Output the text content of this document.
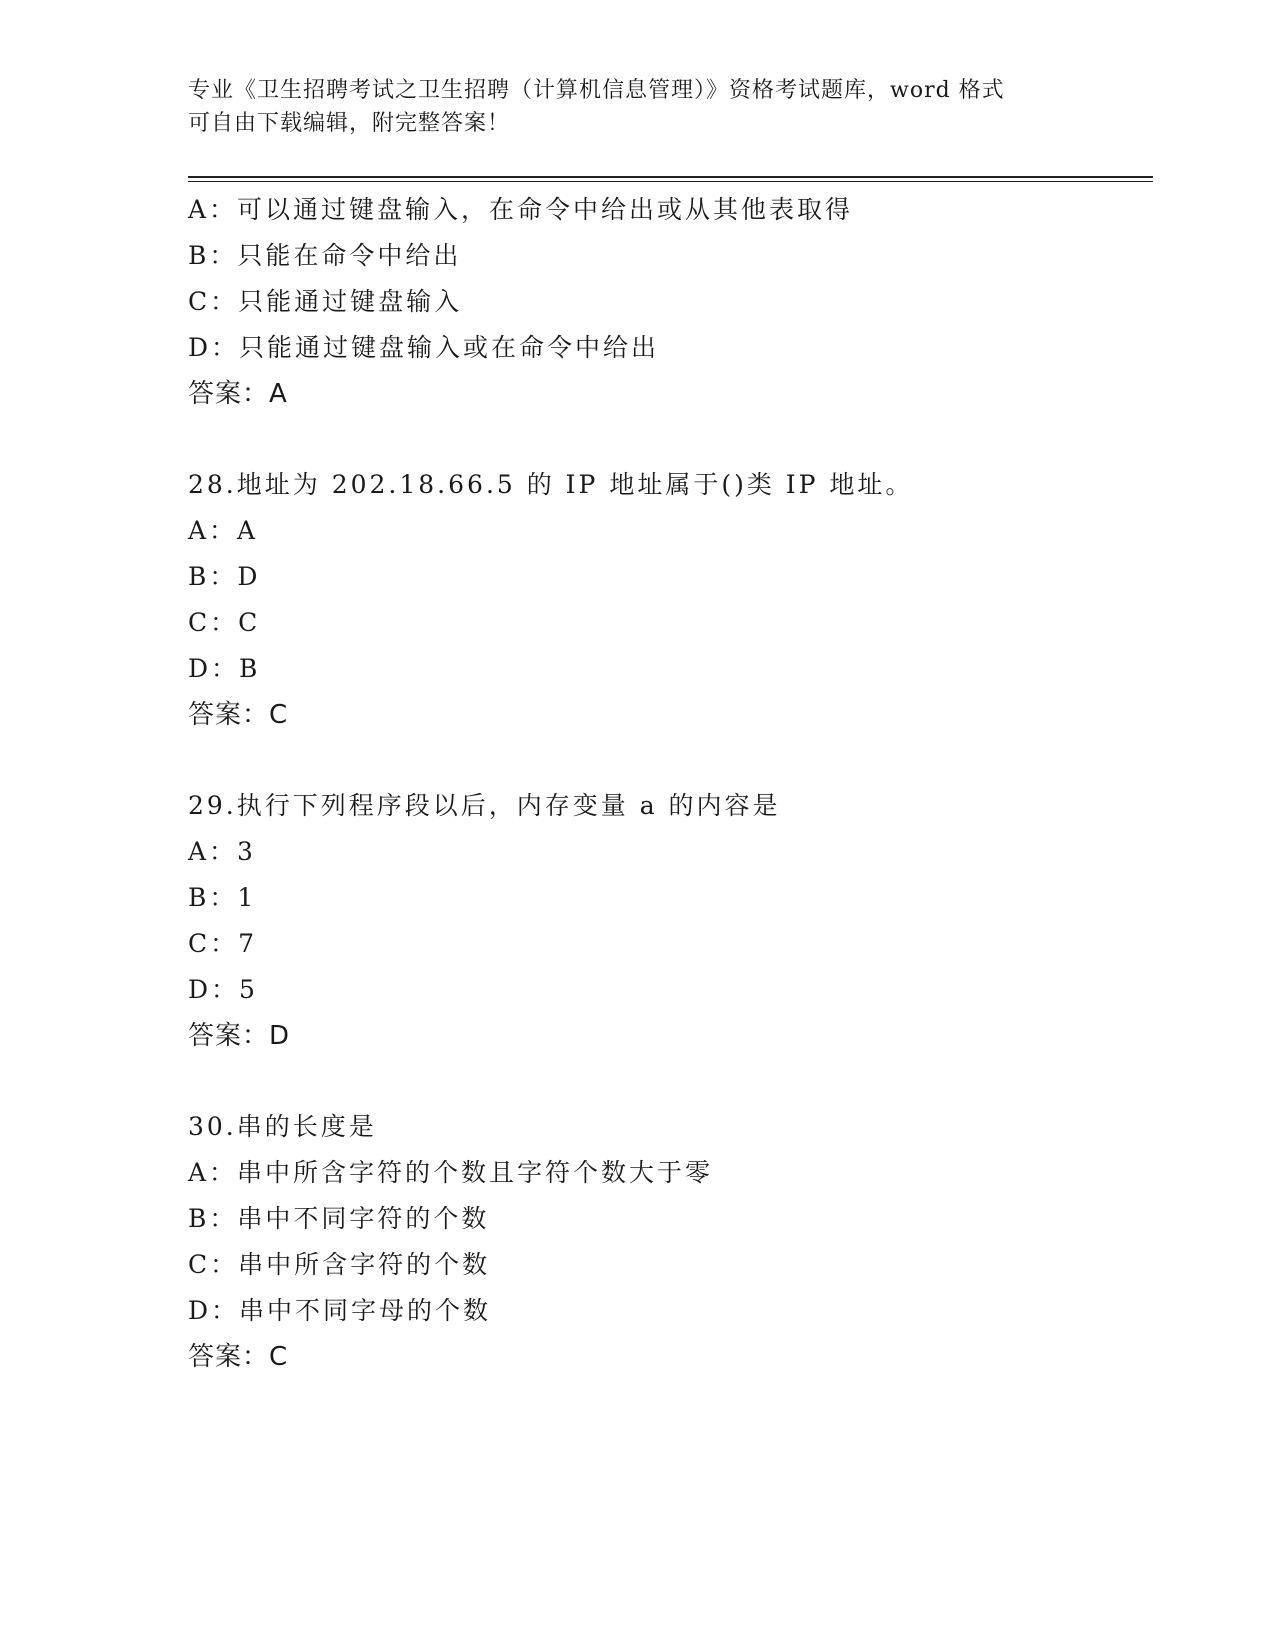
专业《卫生招聘考试之卫生招聘（计算机信息管理）》资格考试题库，word 格式
可自由下载编辑，附完整答案！
A：可以通过键盘输入，在命令中给出或从其他表取得
B：只能在命令中给出
C：只能通过键盘输入
D：只能通过键盘输入或在命令中给出
答案：A
28.地址为 202.18.66.5 的 IP 地址属于()类 IP 地址。
A：A
B：D
C：C
D：B
答案：C
29.执行下列程序段以后，内存变量 a 的内容是
A：3
B：1
C：7
D：5
答案：D
30.串的长度是
A：串中所含字符的个数且字符个数大于零
B：串中不同字符的个数
C：串中所含字符的个数
D：串中不同字母的个数
答案：C
